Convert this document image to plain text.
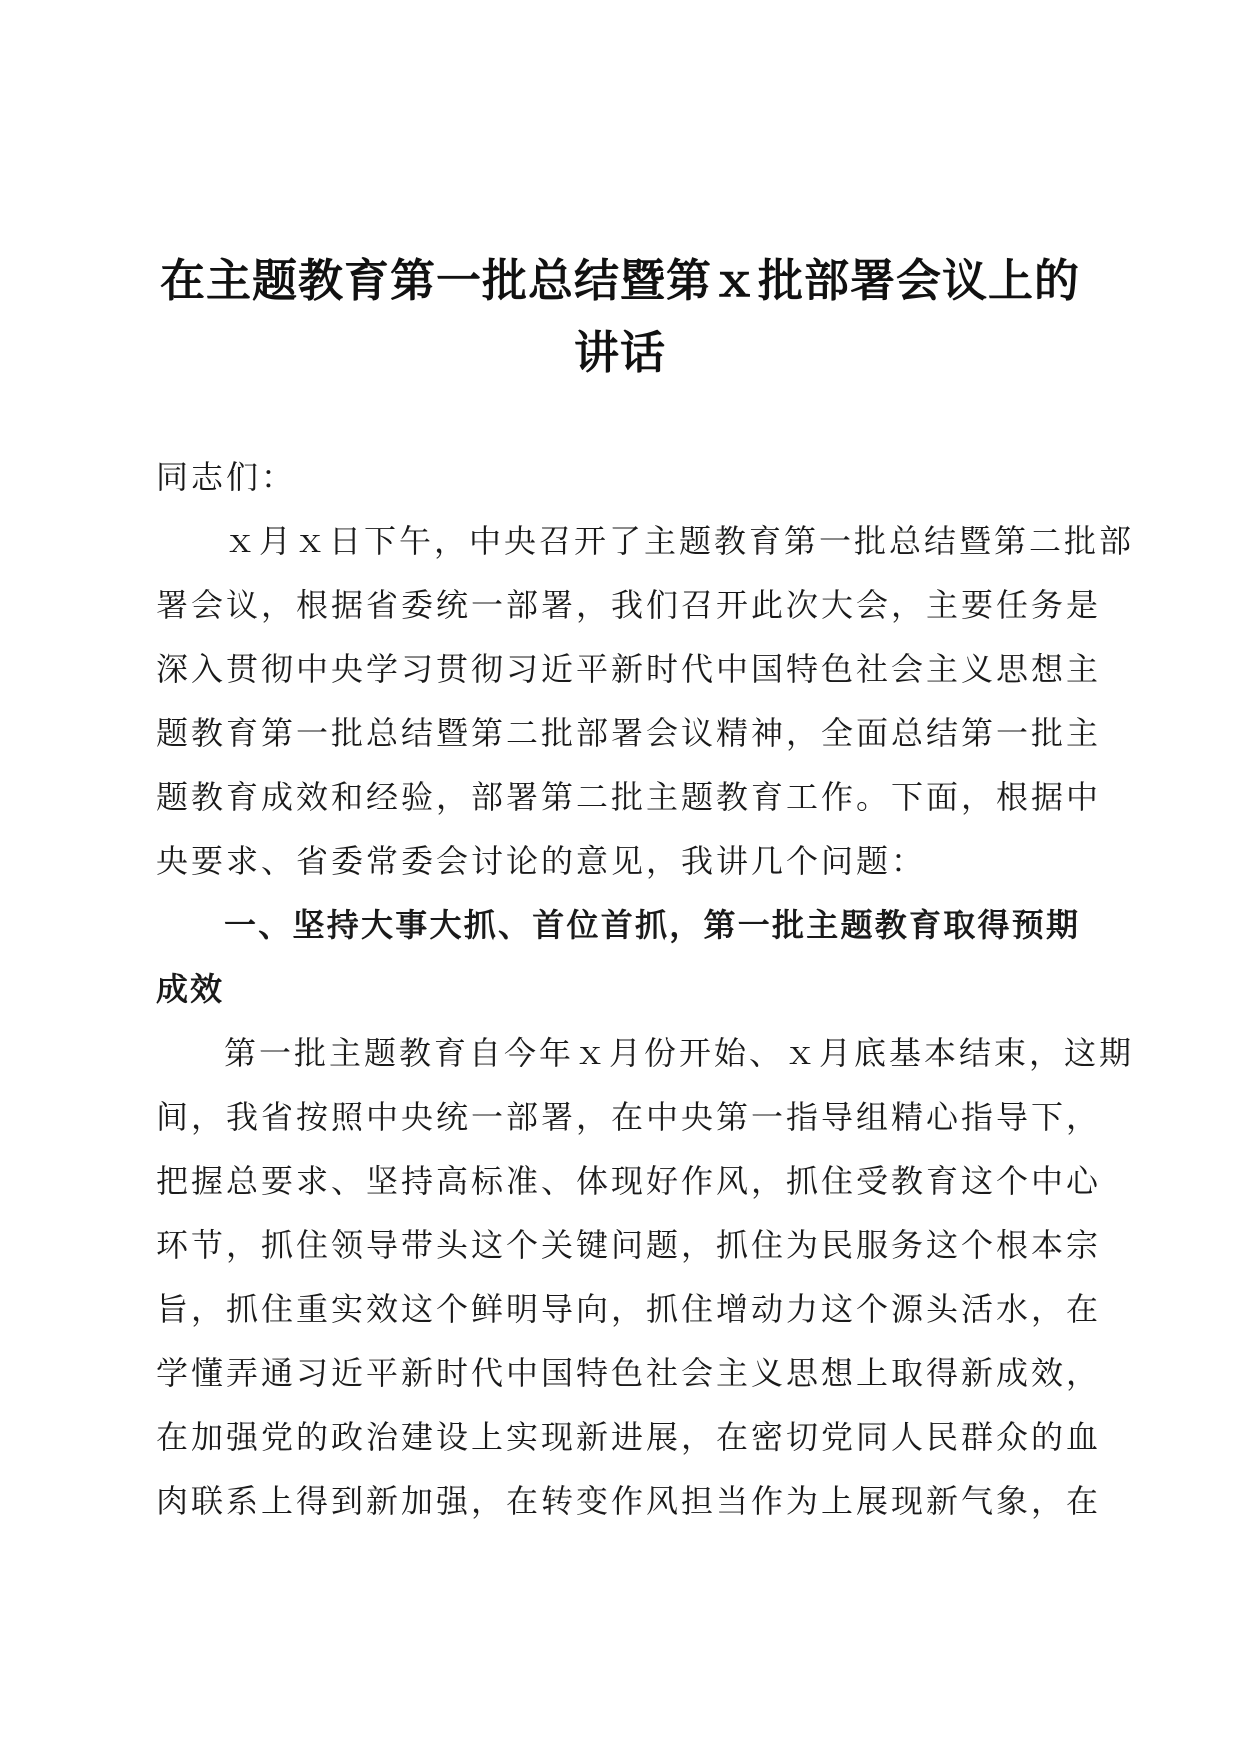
在主题教育第一批总结暨第ｘ批部署会议上的
讲话
同志们：
ｘ月ｘ日下午，中央召开了主题教育第一批总结暨第二批部
署会议，根据省委统一部署，我们召开此次大会，主要任务是
深入贯彻中央学习贯彻习近平新时代中国特色社会主义思想主
题教育第一批总结暨第二批部署会议精神，全面总结第一批主
题教育成效和经验，部署第二批主题教育工作。下面，根据中
央要求、省委常委会讨论的意见，我讲几个问题：
一、坚持大事大抓、首位首抓，第一批主题教育取得预期
成效
第一批主题教育自今年ｘ月份开始、ｘ月底基本结束，这期
间，我省按照中央统一部署，在中央第一指导组精心指导下，
把握总要求、坚持高标准、体现好作风，抓住受教育这个中心
环节，抓住领导带头这个关键问题，抓住为民服务这个根本宗
旨，抓住重实效这个鲜明导向，抓住增动力这个源头活水，在
学懂弄通习近平新时代中国特色社会主义思想上取得新成效，
在加强党的政治建设上实现新进展，在密切党同人民群众的血
肉联系上得到新加强，在转变作风担当作为上展现新气象，在
